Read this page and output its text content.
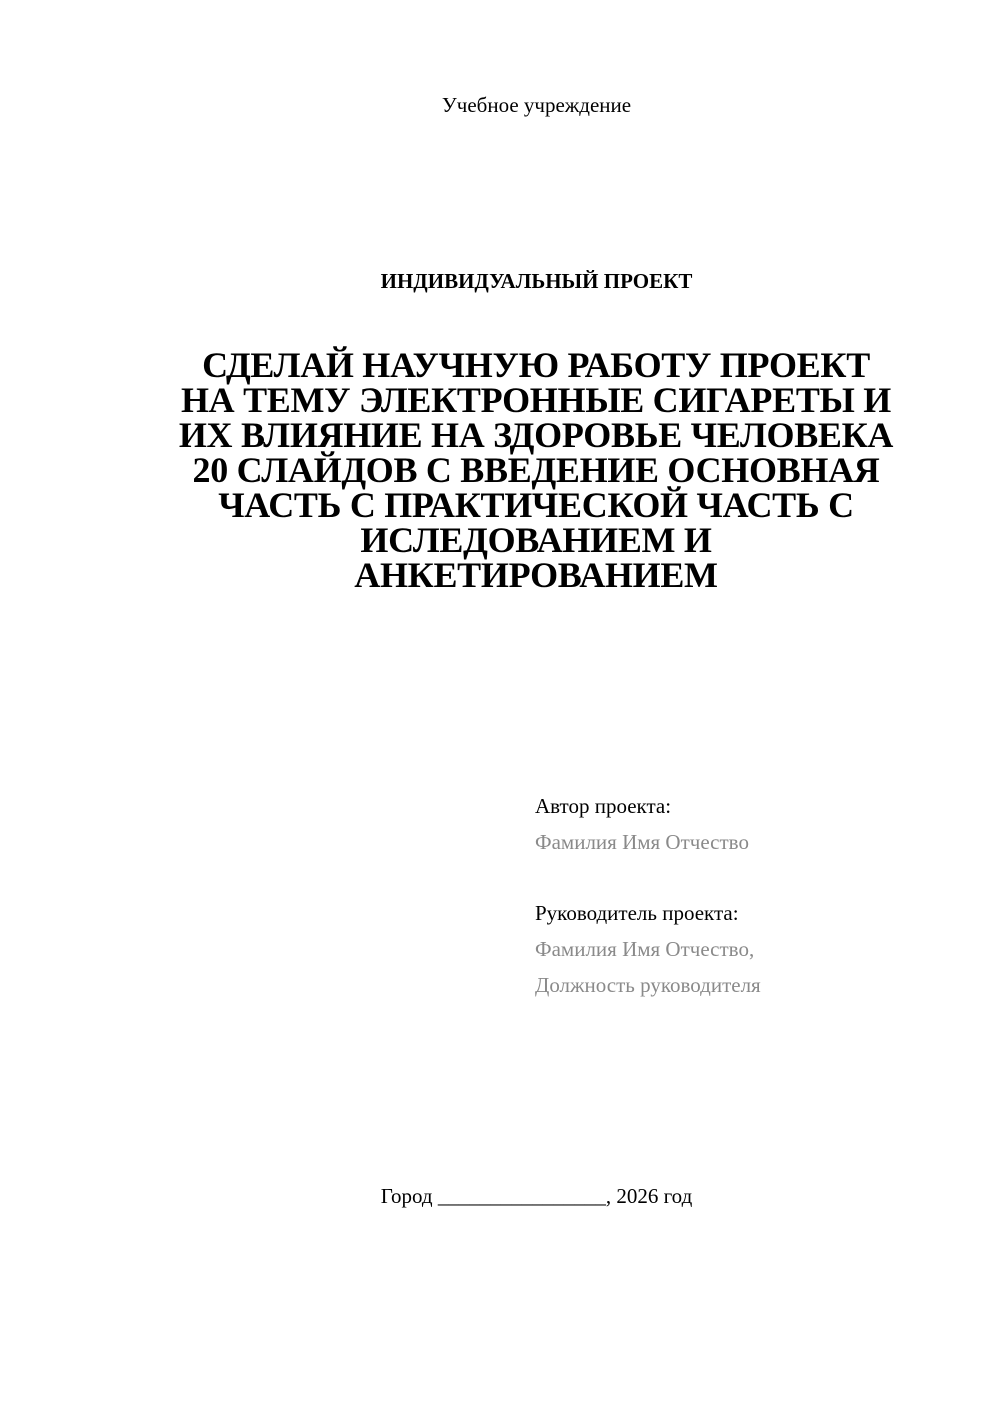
Учебное учреждение
ИНДИВИДУАЛЬНЫЙ ПРОЕКТ
СДЕЛАЙ НАУЧНУЮ РАБОТУ ПРОЕКТ
НА ТЕМУ ЭЛЕКТРОННЫЕ СИГАРЕТЫ И
ИХ ВЛИЯНИЕ НА ЗДОРОВЬЕ ЧЕЛОВЕКА
20 СЛАЙДОВ С ВВЕДЕНИЕ ОСНОВНАЯ
ЧАСТЬ С ПРАКТИЧЕСКОЙ ЧАСТЬ С
ИСЛЕДОВАНИЕМ И
АНКЕТИРОВАНИЕМ
Автор проекта:
Фамилия Имя Отчество
Руководитель проекта:
Фамилия Имя Отчество,
Должность руководителя
Город ________________, 2026 год
